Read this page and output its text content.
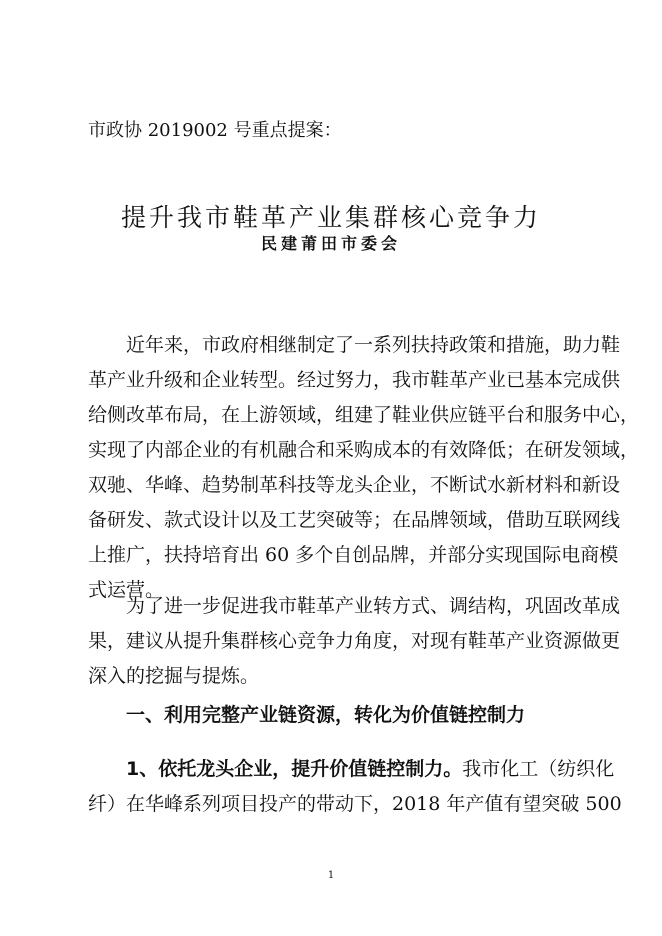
市政协 2019002 号重点提案：
提升我市鞋革产业集群核心竞争力
民建莆田市委会
近年来，市政府相继制定了一系列扶持政策和措施，助力鞋
革产业升级和企业转型。经过努力，我市鞋革产业已基本完成供
给侧改革布局，在上游领域，组建了鞋业供应链平台和服务中心，
实现了内部企业的有机融合和采购成本的有效降低；在研发领域，
双驰、华峰、趋势制革科技等龙头企业，不断试水新材料和新设
备研发、款式设计以及工艺突破等；在品牌领域，借助互联网线
上推广，扶持培育出 60 多个自创品牌，并部分实现国际电商模
式运营。
为了进一步促进我市鞋革产业转方式、调结构，巩固改革成
果，建议从提升集群核心竞争力角度，对现有鞋革产业资源做更
深入的挖掘与提炼。
一、利用完整产业链资源，转化为价值链控制力
1、依托龙头企业，提升价值链控制力。我市化工（纺织化
纤）在华峰系列项目投产的带动下，2018 年产值有望突破 500
1
